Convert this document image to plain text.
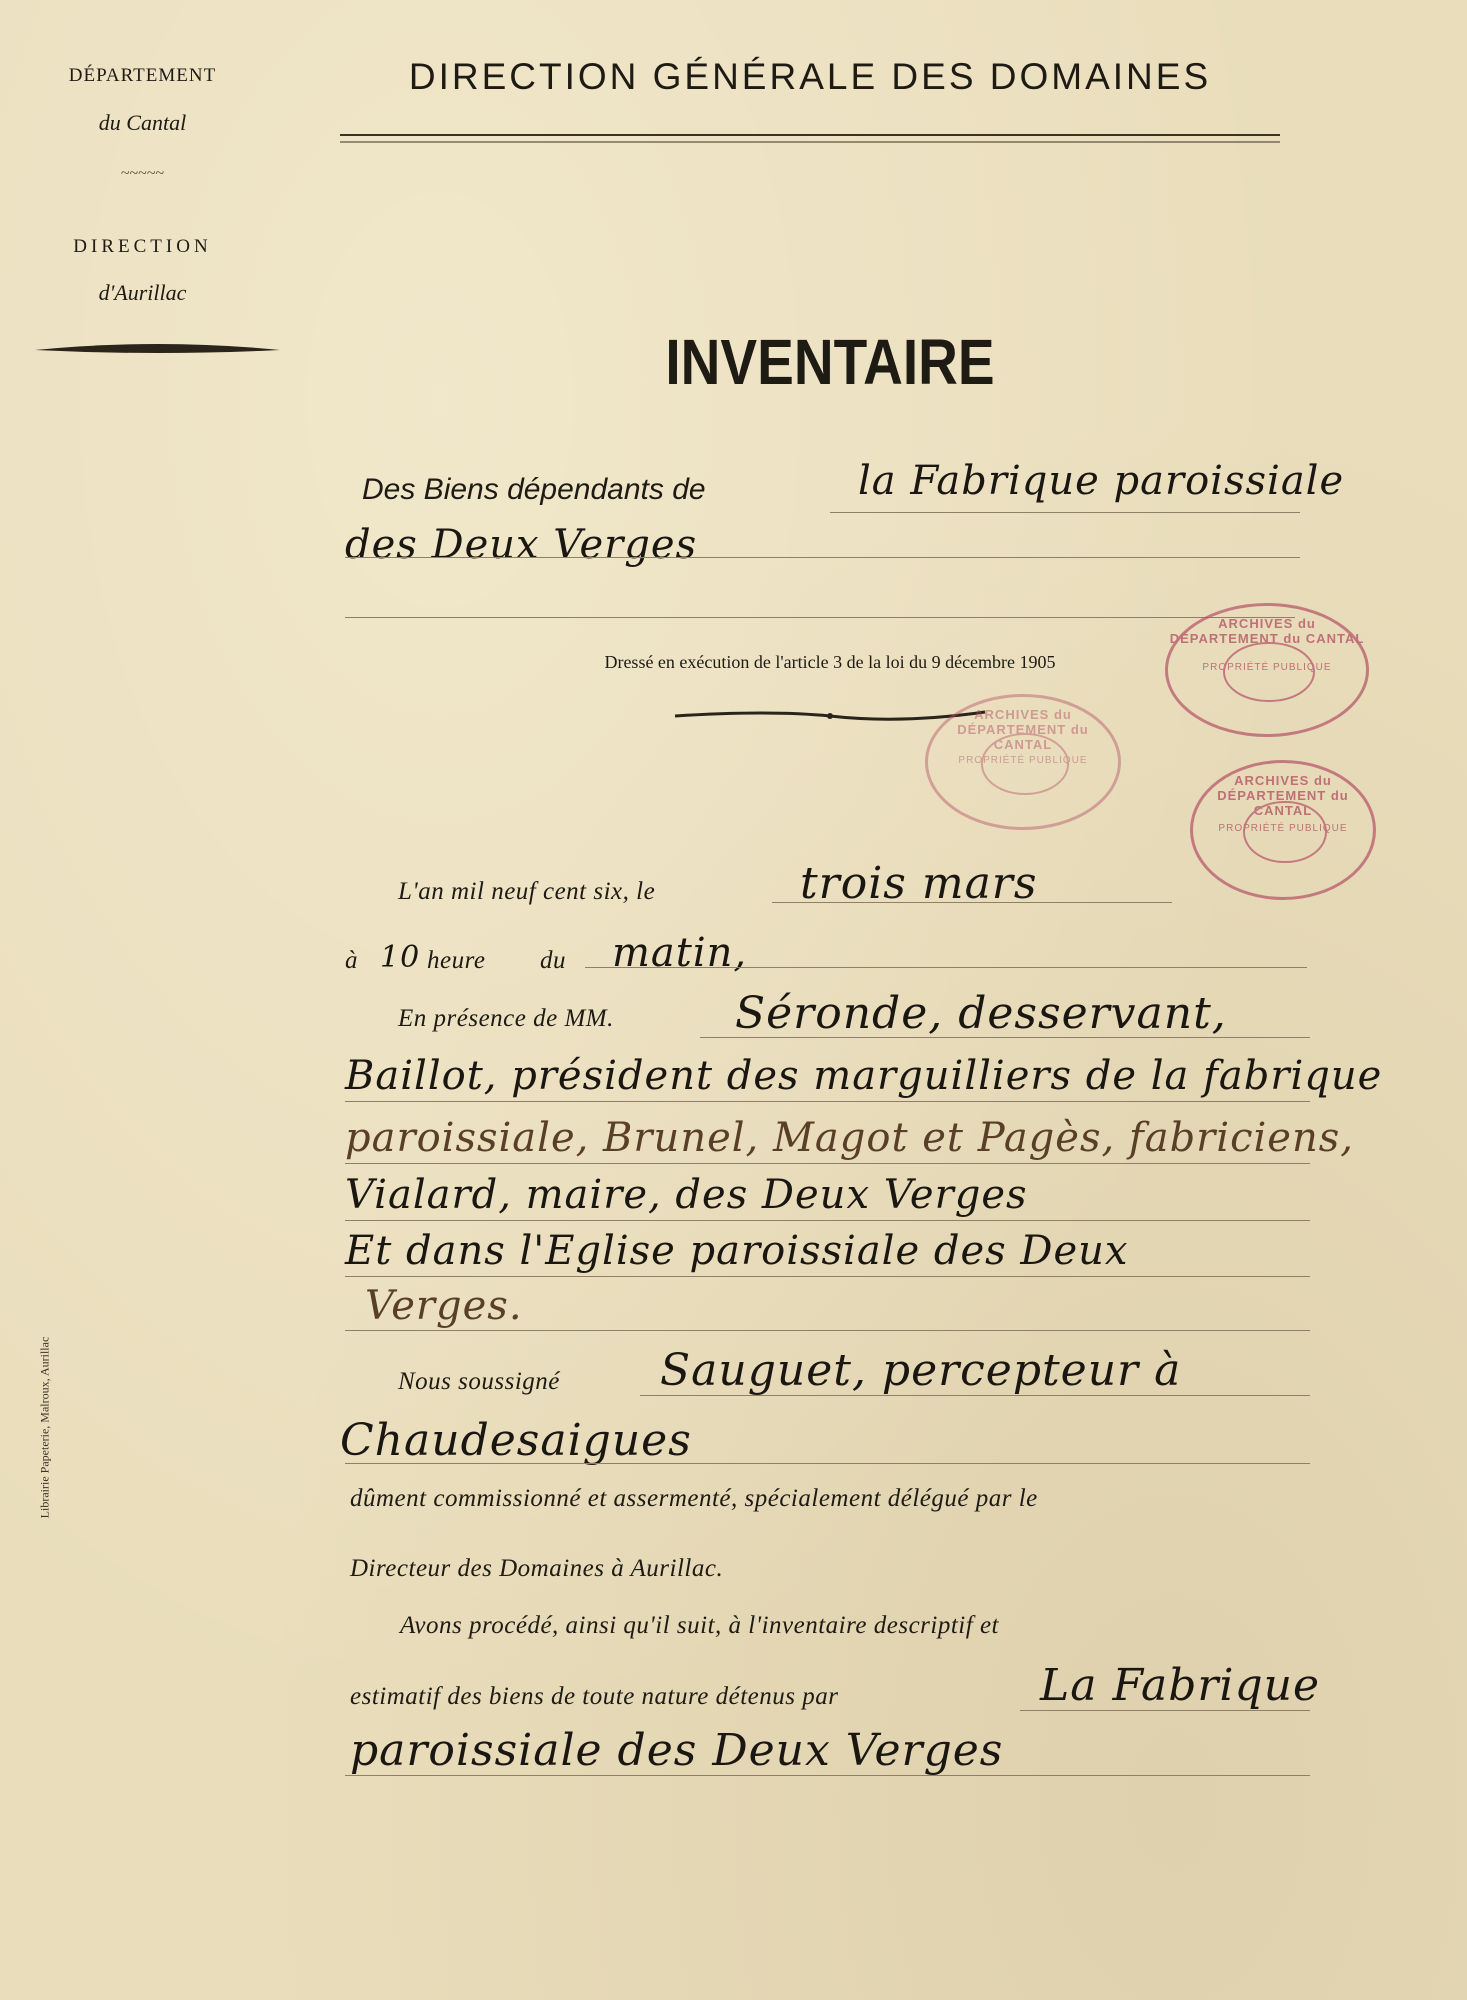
DÉPARTEMENT

du Cantal

~~~~~

DIRECTION

d'Aurillac

DIRECTION GÉNÉRALE DES DOMAINES

INVENTAIRE

Des Biens dépendants de	la Fabrique paroissiale

des Deux Verges

Dressé en exécution de l'article 3 de la loi du 9 décembre 1905

ARCHIVES du DÉPARTEMENT du CANTAL
PROPRIÉTÉ PUBLIQUE
ARCHIVES du DÉPARTEMENT du CANTAL
PROPRIÉTÉ PUBLIQUE
ARCHIVES du DÉPARTEMENT du CANTAL
PROPRIÉTÉ PUBLIQUE

L'an mil neuf cent six, le	trois mars

à 10 heure du matin,

En présence de MM.	Séronde, desservant,

Baillot, président des marguilliers de la fabrique

paroissiale, Brunel, Magot et Pagès, fabriciens,

Vialard, maire, des Deux Verges

Et dans l'Eglise paroissiale des Deux

Verges.

Nous soussigné Sauguet, percepteur à

Chaudesaigues

dûment commissionné et assermenté, spécialement délégué par le

Directeur des Domaines à Aurillac.

Avons procédé, ainsi qu'il suit, à l'inventaire descriptif et

estimatif des biens de toute nature détenus par	La Fabrique

paroissiale des Deux Verges

Librairie Papeterie, Malroux, Aurillac
